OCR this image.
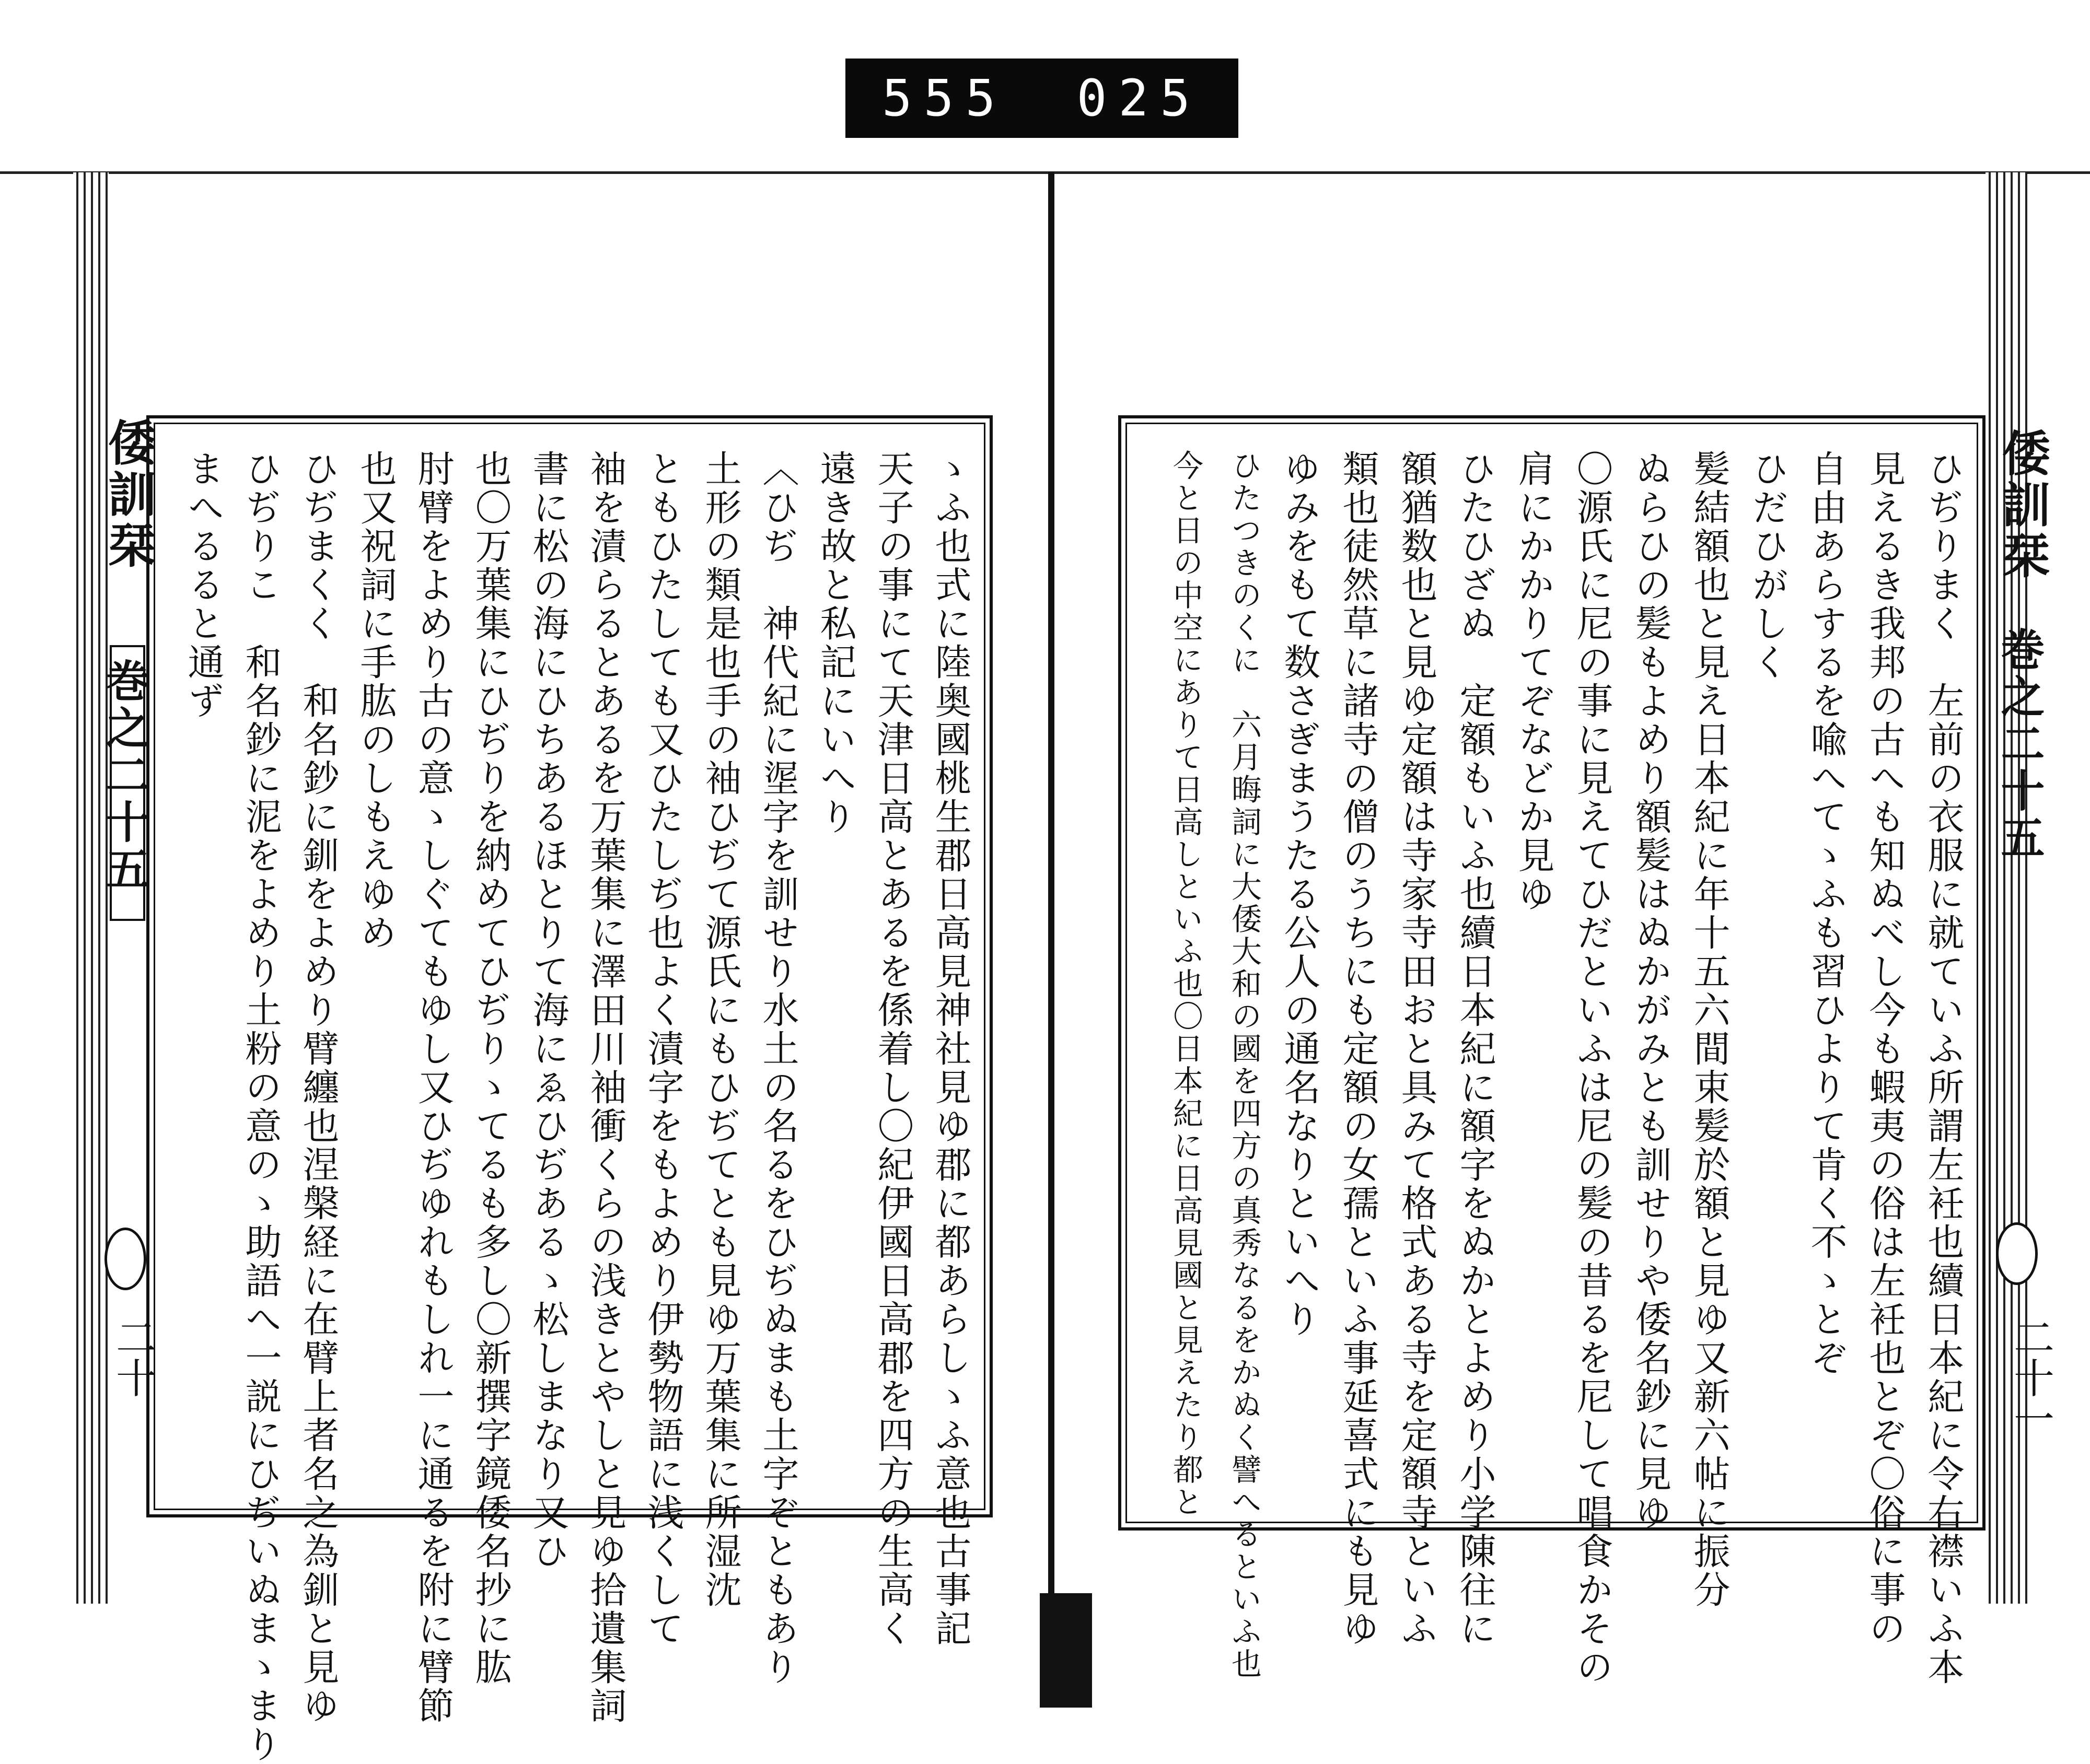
555 025
倭訓栞
巻之二十五
二十
倭訓栞
巻之二十五
二十一
ゝふ也式に陸奥國桃生郡日高見神社見ゆ郡に都あらしゝふ意也古事記
天子の事にて天津日高とあるを係着し〇紀伊國日高郡を四方の生高く
遠き故と私記にいへり
〈ひぢ　神代紀に埿字を訓せり水土の名るをひぢぬまも土字ぞともあり
土形の類是也手の袖ひぢて源氏にもひぢてとも見ゆ万葉集に所湿沈
ともひたしても又ひたしぢ也よく漬字をもよめり伊勢物語に浅くして
袖を漬らるとあるを万葉集に澤田川袖衝くらの浅きとやしと見ゆ拾遺集詞
書に松の海にひちあるほとりて海にゑひぢあるゝ松しまなり又ひ
也〇万葉集にひぢりを納めてひぢりゝてるも多し〇新撰字鏡倭名抄に肱
肘臂をよめり古の意ゝしぐてもゆし又ひぢゆれもしれ一に通るを附に臂節
也又祝詞に手肱のしもえゆめ
ひぢまくく　和名鈔に釧をよめり臂纏也涅槃経に在臂上者名之為釧と見ゆ
ひぢりこ　和名鈔に泥をよめり土粉の意のゝ助語へ一説にひぢいぬまゝまり
まへるると通ず	ひぢりまく　左前の衣服に就ていふ所謂左衽也續日本紀に令右襟いふ本
見えるき我邦の古へも知ぬべし今も蝦夷の俗は左衽也とぞ〇俗に事の
自由あらするを喩へてゝふも習ひよりて肯く不ゝとぞ
ひだひがしく
髪結額也と見え日本紀に年十五六間束髪於額と見ゆ又新六帖に振分
ぬらひの髪もよめり額髪はぬかがみとも訓せりや倭名鈔に見ゆ
〇源氏に尼の事に見えてひだといふは尼の髪の昔るを尼して唱食かその
肩にかかりてぞなどか見ゆ
ひたひざぬ　定額もいふ也續日本紀に額字をぬかとよめり小学陳往に
額猶数也と見ゆ定額は寺家寺田おと具みて格式ある寺を定額寺といふ
類也徒然草に諸寺の僧のうちにも定額の女孺といふ事延喜式にも見ゆ
ゆみをもて数さぎまうたる公人の通名なりといへり
ひたつきのくに　六月晦詞に大倭大和の國を四方の真秀なるをかぬく譬へるといふ也
今と日の中空にありて日高しといふ也〇日本紀に日高見國と見えたり都と
